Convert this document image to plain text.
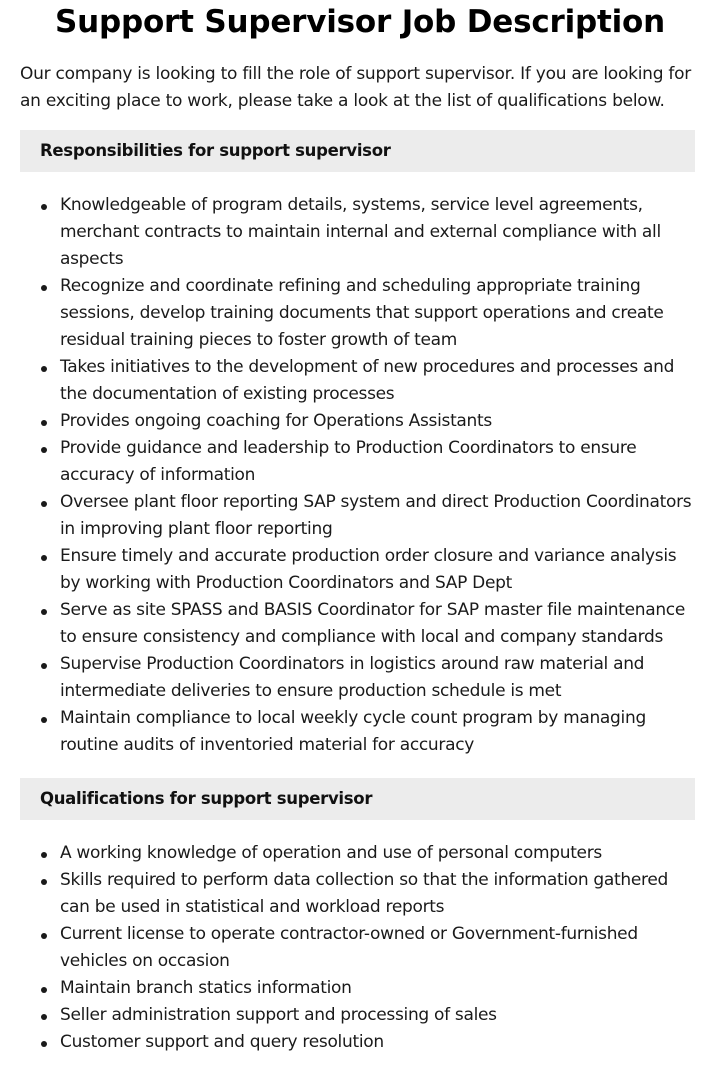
Support Supervisor Job Description

Our company is looking to fill the role of support supervisor. If you are looking for an exciting place to work, please take a look at the list of qualifications below.

Responsibilities for support supervisor
Knowledgeable of program details, systems, service level agreements, merchant contracts to maintain internal and external compliance with all aspects
Recognize and coordinate refining and scheduling appropriate training sessions, develop training documents that support operations and create residual training pieces to foster growth of team
Takes initiatives to the development of new procedures and processes and the documentation of existing processes
Provides ongoing coaching for Operations Assistants
Provide guidance and leadership to Production Coordinators to ensure accuracy of information
Oversee plant floor reporting SAP system and direct Production Coordinators in improving plant floor reporting
Ensure timely and accurate production order closure and variance analysis by working with Production Coordinators and SAP Dept
Serve as site SPASS and BASIS Coordinator for SAP master file maintenance to ensure consistency and compliance with local and company standards
Supervise Production Coordinators in logistics around raw material and intermediate deliveries to ensure production schedule is met
Maintain compliance to local weekly cycle count program by managing routine audits of inventoried material for accuracy
Qualifications for support supervisor
A working knowledge of operation and use of personal computers
Skills required to perform data collection so that the information gathered can be used in statistical and workload reports
Current license to operate contractor-owned or Government-furnished vehicles on occasion
Maintain branch statics information
Seller administration support and processing of sales
Customer support and query resolution
